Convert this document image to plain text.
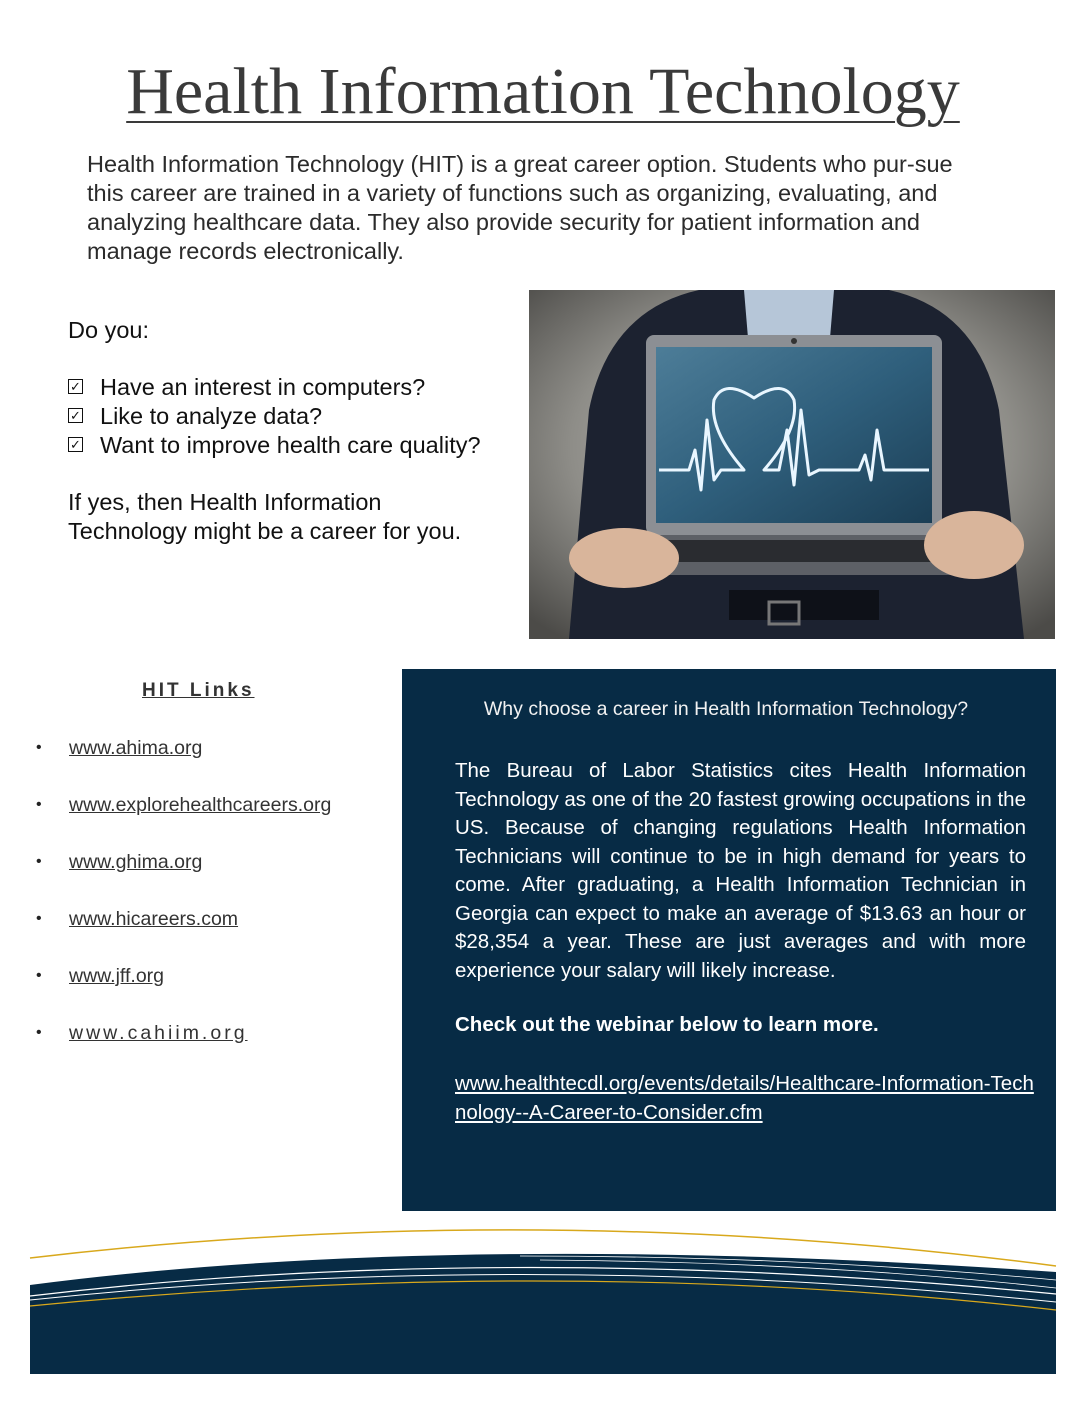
Health Information Technology
Health Information Technology (HIT) is a great career option. Students who pur-sue this career are trained in a variety of functions such as organizing, evaluating, and analyzing healthcare data. They also provide security for patient information and manage records electronically.

Do you:

✓ Have an interest in computers?
✓ Like to analyze data?
✓ Want to improve health care quality?

If yes, then Health Information Technology might be a career for you.

HIT Links
• www.ahima.org
• www.explorehealthcareers.org
• www.ghima.org
• www.hicareers.com
• www.jff.org
• www.cahiim.org
Why choose a career in Health Information Technology?
The Bureau of Labor Statistics cites Health Information Technology as one of the 20 fastest growing occupations in the US. Because of changing regulations Health Information Technicians will continue to be in high demand for years to come. After graduating, a Health Information Technician in Georgia can expect to make an average of $13.63 an hour or $28,354 a year. These are just averages and with more experience your salary will likely increase.
Check out the webinar below to learn more.
www.healthtecdl.org/events/details/Healthcare-Information-Technology--A-Career-to-Consider.cfm
